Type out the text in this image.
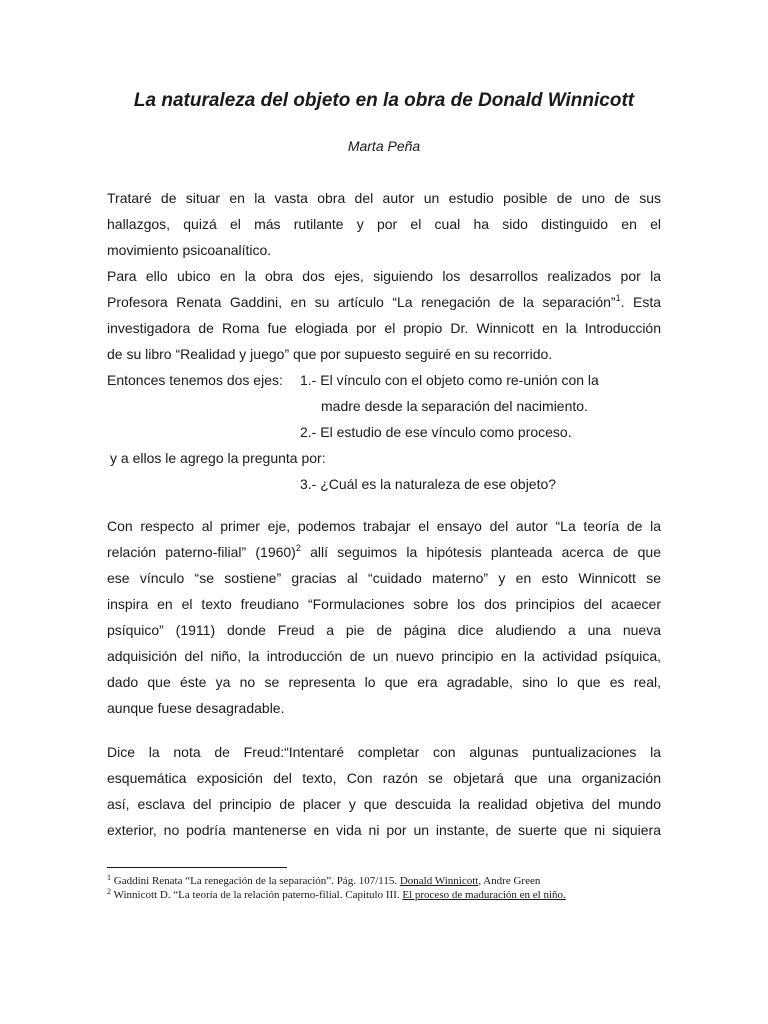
La naturaleza del objeto en la obra de Donald Winnicott
Marta Peña
Trataré de situar en la vasta obra del autor un estudio posible de uno de sus
hallazgos, quizá el más rutilante y por el cual ha sido distinguido en el
movimiento psicoanalítico.
Para ello ubico en la obra dos ejes, siguiendo los desarrollos realizados por la
Profesora Renata Gaddini, en su artículo “La renegación de la separación”$^1$. Esta
investigadora de Roma fue elogiada por el propio Dr. Winnicott en la Introducción
de su libro “Realidad y juego” que por supuesto seguiré en su recorrido.
Entonces tenemos dos ejes: 1.- El vínculo con el objeto como re-unión con la
madre desde la separación del nacimiento.
2.- El estudio de ese vínculo como proceso.
y a ellos le agrego la pregunta por:
3.- ¿Cuál es la naturaleza de ese objeto?
Con respecto al primer eje, podemos trabajar el ensayo del autor “La teoría de la
relación paterno-filial” $(1960)^2$ allí seguimos la hipótesis planteada acerca de que
ese vínculo “se sostiene” gracias al “cuidado materno” y en esto Winnicott se
inspira en el texto freudiano “Formulaciones sobre los dos principios del acaecer
psíquico” (1911) donde Freud a pie de página dice aludiendo a una nueva
adquisición del niño, la introducción de un nuevo principio en la actividad psíquica,
dado que éste ya no se representa lo que era agradable, sino lo que es real,
aunque fuese desagradable.
Dice la nota de Freud:“Intentaré completar con algunas puntualizaciones la
esquemática exposición del texto, Con razón se objetará que una organización
así, esclava del principio de placer y que descuida la realidad objetiva del mundo
exterior, no podría mantenerse en vida ni por un instante, de suerte que ni siquiera
$^1$ Gaddini Renata “La renegación de la separación”. Pág. 107/115. Donald Winnicott, Andre Green
$^2$ Winnicott D. “La teoría de la relación paterno-filial. Capitulo III. El proceso de maduración en el niño.
